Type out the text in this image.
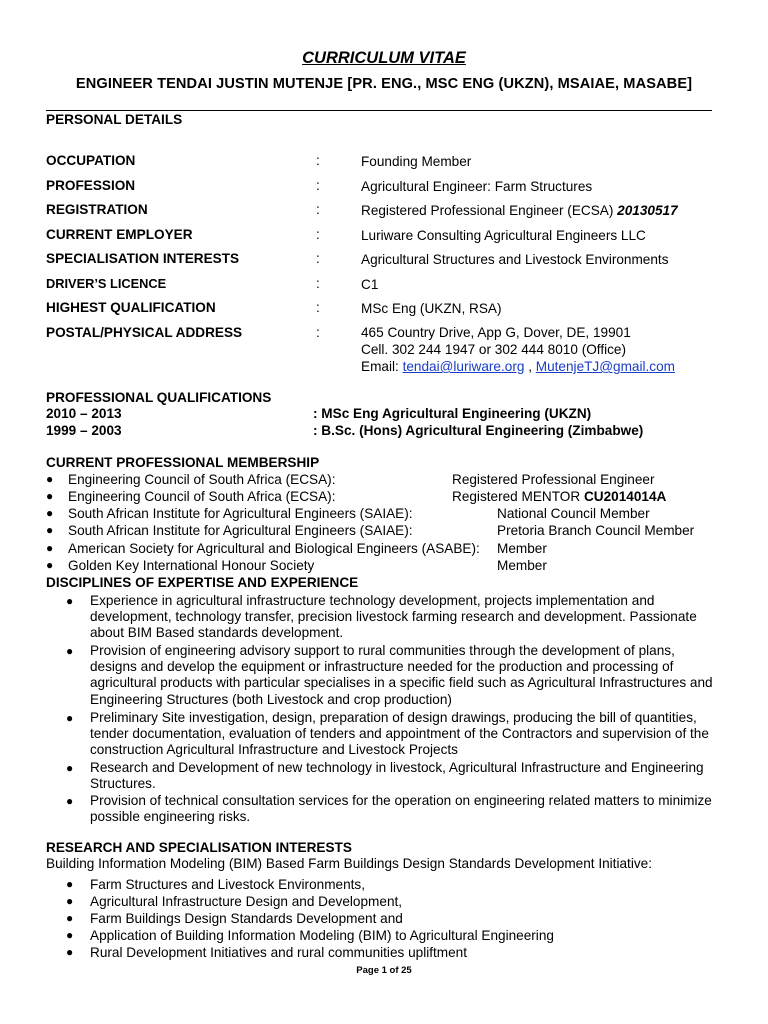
CURRICULUM VITAE
ENGINEER TENDAI JUSTIN MUTENJE [PR. ENG., MSC ENG (UKZN), MSAIAE, MASABE]
PERSONAL DETAILS
OCCUPATION	:	Founding Member
PROFESSION	:	Agricultural Engineer: Farm Structures
REGISTRATION	:	Registered Professional Engineer (ECSA) 20130517
CURRENT EMPLOYER	:	Luriware Consulting Agricultural Engineers LLC
SPECIALISATION INTERESTS	:	Agricultural Structures and Livestock Environments
DRIVER’S LICENCE	:	C1
HIGHEST QUALIFICATION	:	MSc Eng (UKZN, RSA)
POSTAL/PHYSICAL ADDRESS	:	465 Country Drive, App G, Dover, DE, 19901
Cell. 302 244 1947 or 302 444 8010 (Office)
Email: tendai@luriware.org , MutenjeTJ@gmail.com
PROFESSIONAL QUALIFICATIONS
2010 – 2013	: MSc Eng Agricultural Engineering (UKZN)
1999 – 2003	: B.Sc. (Hons) Agricultural Engineering (Zimbabwe)
CURRENT PROFESSIONAL MEMBERSHIP
● Engineering Council of South Africa (ECSA):	Registered Professional Engineer
● Engineering Council of South Africa (ECSA):	Registered MENTOR CU2014014A
● South African Institute for Agricultural Engineers (SAIAE):	National Council Member
● South African Institute for Agricultural Engineers (SAIAE):	Pretoria Branch Council Member
● American Society for Agricultural and Biological Engineers (ASABE): Member
● Golden Key International Honour Society	Member
DISCIPLINES OF EXPERTISE AND EXPERIENCE
● Experience in agricultural infrastructure technology development, projects implementation and development, technology transfer, precision livestock farming research and development. Passionate about BIM Based standards development.
● Provision of engineering advisory support to rural communities through the development of plans, designs and develop the equipment or infrastructure needed for the production and processing of agricultural products with particular specialises in a specific field such as Agricultural Infrastructures and Engineering Structures (both Livestock and crop production)
● Preliminary Site investigation, design, preparation of design drawings, producing the bill of quantities, tender documentation, evaluation of tenders and appointment of the Contractors and supervision of the construction Agricultural Infrastructure and Livestock Projects
● Research and Development of new technology in livestock, Agricultural Infrastructure and Engineering Structures.
● Provision of technical consultation services for the operation on engineering related matters to minimize possible engineering risks.
RESEARCH AND SPECIALISATION INTERESTS
Building Information Modeling (BIM) Based Farm Buildings Design Standards Development Initiative:
● Farm Structures and Livestock Environments,
● Agricultural Infrastructure Design and Development,
● Farm Buildings Design Standards Development and
● Application of Building Information Modeling (BIM) to Agricultural Engineering
● Rural Development Initiatives and rural communities upliftment
Page 1 of 25
